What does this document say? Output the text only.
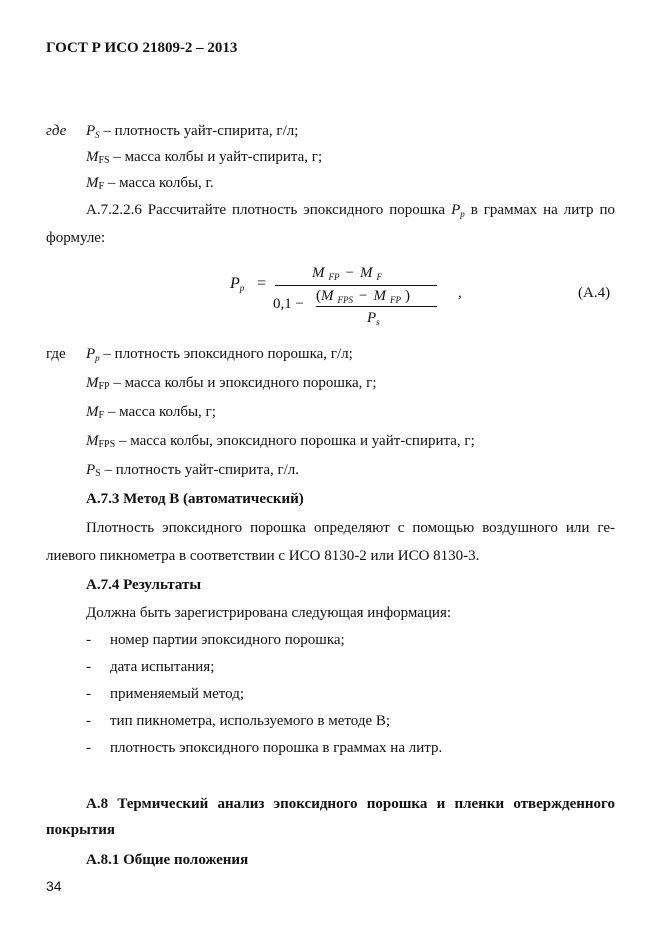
ГОСТ Р ИСО 21809-2 – 2013
где $P_S$ – плотность уайт-спирита, г/л;
$M_{FS}$ – масса колбы и уайт-спирита, г;
$M_F$ – масса колбы, г.
А.7.2.2.6 Рассчитайте плотность эпоксидного порошка $P_p$ в граммах на литр по
формуле:
Pp =
M $_{FP}$ − M $_F$
0,1 − (M $_{FPS}$ − M $_{FP}$ )
$P_s$
,	(А.4)
где $P_p$ – плотность эпоксидного порошка, г/л;
$M_{FP}$ – масса колбы и эпоксидного порошка, г;
$M_F$ – масса колбы, г;
$M_{FPS}$ – масса колбы, эпоксидного порошка и уайт-спирита, г;
$P_S$ – плотность уайт-спирита, г/л.
А.7.3 Метод В (автоматический)
Плотность эпоксидного порошка определяют с помощью воздушного или ге-
лиевого пикнометра в соответствии с ИСО 8130-2 или ИСО 8130-3.
А.7.4 Результаты
Должна быть зарегистрирована следующая информация:
- номер партии эпоксидного порошка;
- дата испытания;
- применяемый метод;
- тип пикнометра, используемого в методе В;
- плотность эпоксидного порошка в граммах на литр.
А.8 Термический анализ эпоксидного порошка и пленки отвержденного
покрытия
А.8.1 Общие положения
34
